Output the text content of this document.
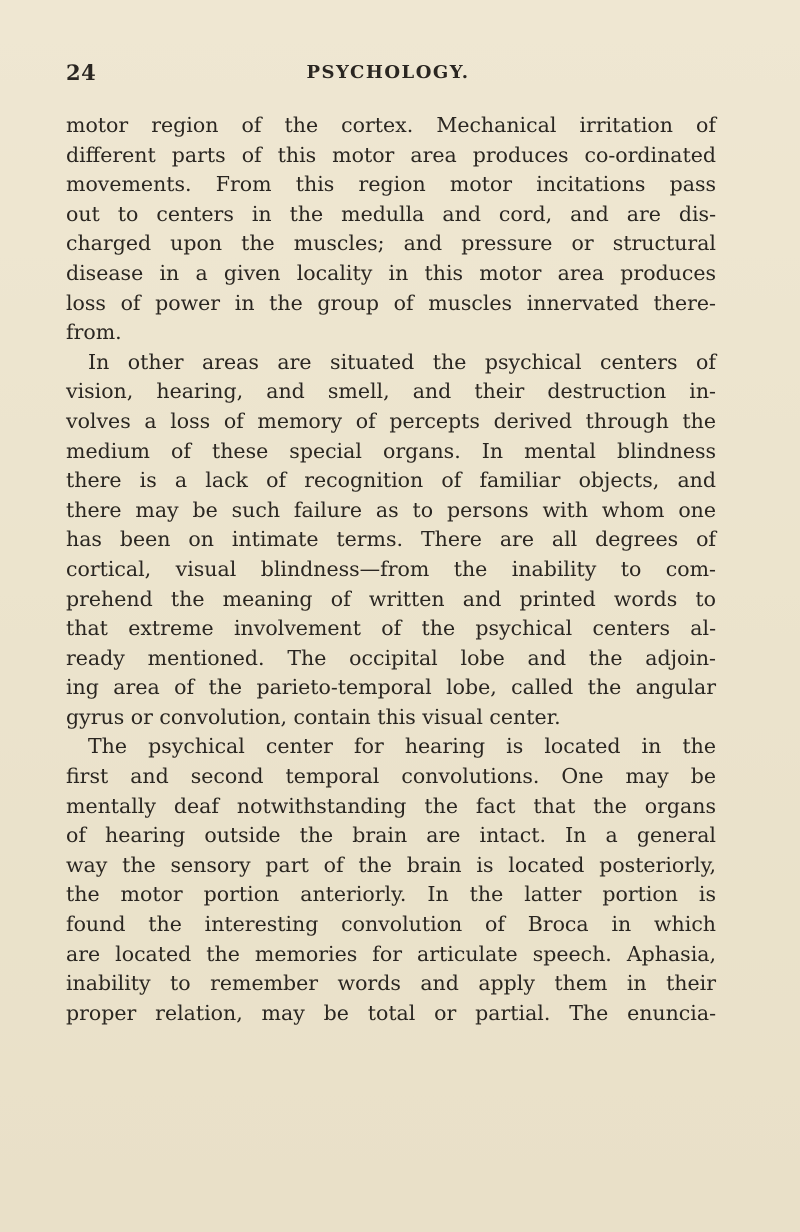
24	PSYCHOLOGY.
motor region of the cortex. Mechanical irritation of
different parts of this motor area produces co-ordinated
movements. From this region motor incitations pass
out to centers in the medulla and cord, and are dis-
charged upon the muscles; and pressure or structural
disease in a given locality in this motor area produces
loss of power in the group of muscles innervated there-
from.
In other areas are situated the psychical centers of
vision, hearing, and smell, and their destruction in-
volves a loss of memory of percepts derived through the
medium of these special organs. In mental blindness
there is a lack of recognition of familiar objects, and
there may be such failure as to persons with whom one
has been on intimate terms. There are all degrees of
cortical, visual blindness—from the inability to com-
prehend the meaning of written and printed words to
that extreme involvement of the psychical centers al-
ready mentioned. The occipital lobe and the adjoin-
ing area of the parieto-temporal lobe, called the angular
gyrus or convolution, contain this visual center.
The psychical center for hearing is located in the
first and second temporal convolutions. One may be
mentally deaf notwithstanding the fact that the organs
of hearing outside the brain are intact. In a general
way the sensory part of the brain is located posteriorly,
the motor portion anteriorly. In the latter portion is
found the interesting convolution of Broca in which
are located the memories for articulate speech. Aphasia,
inability to remember words and apply them in their
proper relation, may be total or partial. The enuncia-
